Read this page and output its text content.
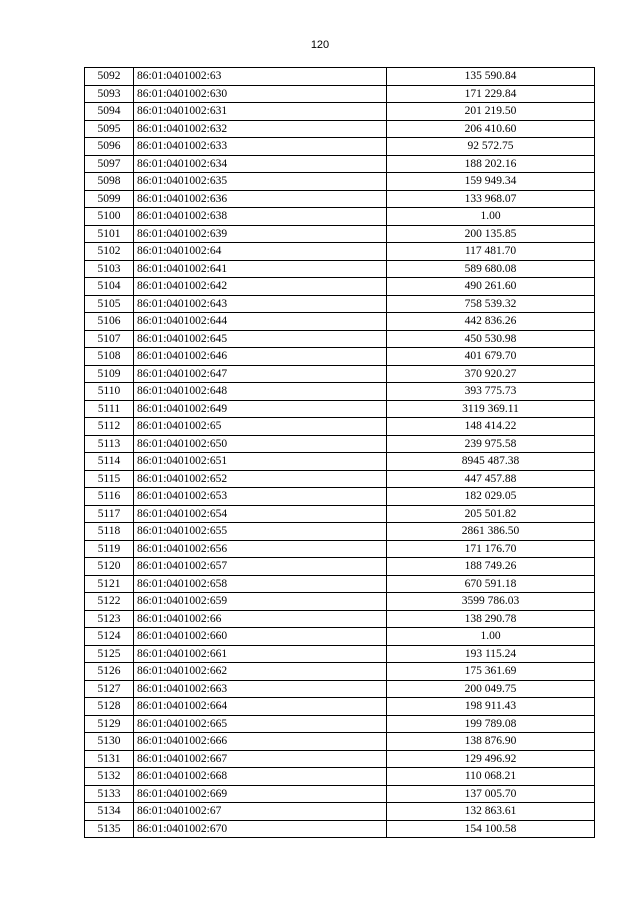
120
5092	86:01:0401002:63	135 590.84
5093	86:01:0401002:630	171 229.84
5094	86:01:0401002:631	201 219.50
5095	86:01:0401002:632	206 410.60
5096	86:01:0401002:633	92 572.75
5097	86:01:0401002:634	188 202.16
5098	86:01:0401002:635	159 949.34
5099	86:01:0401002:636	133 968.07
5100	86:01:0401002:638	1.00
5101	86:01:0401002:639	200 135.85
5102	86:01:0401002:64	117 481.70
5103	86:01:0401002:641	589 680.08
5104	86:01:0401002:642	490 261.60
5105	86:01:0401002:643	758 539.32
5106	86:01:0401002:644	442 836.26
5107	86:01:0401002:645	450 530.98
5108	86:01:0401002:646	401 679.70
5109	86:01:0401002:647	370 920.27
5110	86:01:0401002:648	393 775.73
5111	86:01:0401002:649	3119 369.11
5112	86:01:0401002:65	148 414.22
5113	86:01:0401002:650	239 975.58
5114	86:01:0401002:651	8945 487.38
5115	86:01:0401002:652	447 457.88
5116	86:01:0401002:653	182 029.05
5117	86:01:0401002:654	205 501.82
5118	86:01:0401002:655	2861 386.50
5119	86:01:0401002:656	171 176.70
5120	86:01:0401002:657	188 749.26
5121	86:01:0401002:658	670 591.18
5122	86:01:0401002:659	3599 786.03
5123	86:01:0401002:66	138 290.78
5124	86:01:0401002:660	1.00
5125	86:01:0401002:661	193 115.24
5126	86:01:0401002:662	175 361.69
5127	86:01:0401002:663	200 049.75
5128	86:01:0401002:664	198 911.43
5129	86:01:0401002:665	199 789.08
5130	86:01:0401002:666	138 876.90
5131	86:01:0401002:667	129 496.92
5132	86:01:0401002:668	110 068.21
5133	86:01:0401002:669	137 005.70
5134	86:01:0401002:67	132 863.61
5135	86:01:0401002:670	154 100.58
